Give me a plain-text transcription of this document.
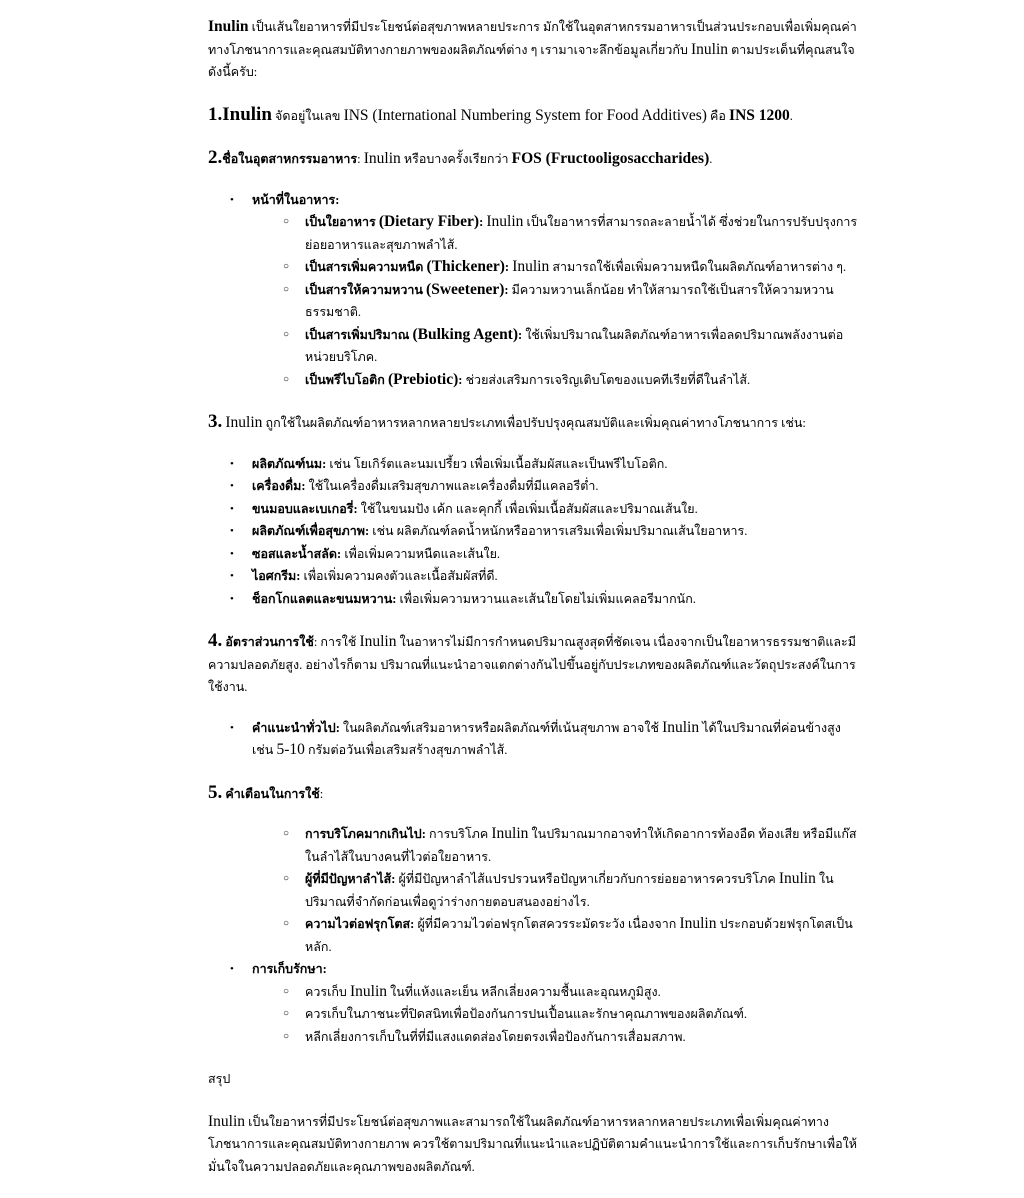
Inulin เป็นเส้นใยอาหารที่มีประโยชน์ต่อสุขภาพหลายประการ มักใช้ในอุตสาหกรรมอาหารเป็นส่วนประกอบเพื่อเพิ่มคุณค่าทางโภชนาการและคุณสมบัติทางกายภาพของผลิตภัณฑ์ต่าง ๆ เรามาเจาะลึกข้อมูลเกี่ยวกับ Inulin ตามประเด็นที่คุณสนใจดังนี้ครับ:
1.Inulin จัดอยู่ในเลข INS (International Numbering System for Food Additives) คือ INS 1200.
2.ชื่อในอุตสาหกรรมอาหาร: Inulin หรือบางครั้งเรียกว่า FOS (Fructooligosaccharides).
•	หน้าที่ในอาหาร:
○	เป็นใยอาหาร (Dietary Fiber): Inulin เป็นใยอาหารที่สามารถละลายน้ำได้ ซึ่งช่วยในการปรับปรุงการย่อยอาหารและสุขภาพลำไส้.
○	เป็นสารเพิ่มความหนืด (Thickener): Inulin สามารถใช้เพื่อเพิ่มความหนืดในผลิตภัณฑ์อาหารต่าง ๆ.
○	เป็นสารให้ความหวาน (Sweetener): มีความหวานเล็กน้อย ทำให้สามารถใช้เป็นสารให้ความหวานธรรมชาติ.
○	เป็นสารเพิ่มปริมาณ (Bulking Agent): ใช้เพิ่มปริมาณในผลิตภัณฑ์อาหารเพื่อลดปริมาณพลังงานต่อหน่วยบริโภค.
○	เป็นพรีไบโอติก (Prebiotic): ช่วยส่งเสริมการเจริญเติบโตของแบคทีเรียที่ดีในลำไส้.
3. Inulin ถูกใช้ในผลิตภัณฑ์อาหารหลากหลายประเภทเพื่อปรับปรุงคุณสมบัติและเพิ่มคุณค่าทางโภชนาการ เช่น:
•	ผลิตภัณฑ์นม: เช่น โยเกิร์ตและนมเปรี้ยว เพื่อเพิ่มเนื้อสัมผัสและเป็นพรีไบโอติก.
•	เครื่องดื่ม: ใช้ในเครื่องดื่มเสริมสุขภาพและเครื่องดื่มที่มีแคลอรีต่ำ.
•	ขนมอบและเบเกอรี่: ใช้ในขนมปัง เค้ก และคุกกี้ เพื่อเพิ่มเนื้อสัมผัสและปริมาณเส้นใย.
•	ผลิตภัณฑ์เพื่อสุขภาพ: เช่น ผลิตภัณฑ์ลดน้ำหนักหรืออาหารเสริมเพื่อเพิ่มปริมาณเส้นใยอาหาร.
•	ซอสและน้ำสลัด: เพื่อเพิ่มความหนืดและเส้นใย.
•	ไอศกรีม: เพื่อเพิ่มความคงตัวและเนื้อสัมผัสที่ดี.
•	ช็อกโกแลตและขนมหวาน: เพื่อเพิ่มความหวานและเส้นใยโดยไม่เพิ่มแคลอรีมากนัก.
4. อัตราส่วนการใช้: การใช้ Inulin ในอาหารไม่มีการกำหนดปริมาณสูงสุดที่ชัดเจน เนื่องจากเป็นใยอาหารธรรมชาติและมีความปลอดภัยสูง. อย่างไรก็ตาม ปริมาณที่แนะนำอาจแตกต่างกันไปขึ้นอยู่กับประเภทของผลิตภัณฑ์และวัตถุประสงค์ในการใช้งาน.
•	คำแนะนำทั่วไป: ในผลิตภัณฑ์เสริมอาหารหรือผลิตภัณฑ์ที่เน้นสุขภาพ อาจใช้ Inulin ได้ในปริมาณที่ค่อนข้างสูง เช่น 5-10 กรัมต่อวันเพื่อเสริมสร้างสุขภาพลำไส้.
5. คำเตือนในการใช้:
○	การบริโภคมากเกินไป: การบริโภค Inulin ในปริมาณมากอาจทำให้เกิดอาการท้องอืด ท้องเสีย หรือมีแก๊สในลำไส้ในบางคนที่ไวต่อใยอาหาร.
○	ผู้ที่มีปัญหาลำไส้: ผู้ที่มีปัญหาลำไส้แปรปรวนหรือปัญหาเกี่ยวกับการย่อยอาหารควรบริโภค Inulin ในปริมาณที่จำกัดก่อนเพื่อดูว่าร่างกายตอบสนองอย่างไร.
○	ความไวต่อฟรุกโตส: ผู้ที่มีความไวต่อฟรุกโตสควรระมัดระวัง เนื่องจาก Inulin ประกอบด้วยฟรุกโตสเป็นหลัก.
•	การเก็บรักษา:
○	ควรเก็บ Inulin ในที่แห้งและเย็น หลีกเลี่ยงความชื้นและอุณหภูมิสูง.
○	ควรเก็บในภาชนะที่ปิดสนิทเพื่อป้องกันการปนเปื้อนและรักษาคุณภาพของผลิตภัณฑ์.
○	หลีกเลี่ยงการเก็บในที่ที่มีแสงแดดส่องโดยตรงเพื่อป้องกันการเสื่อมสภาพ.
สรุป
Inulin เป็นใยอาหารที่มีประโยชน์ต่อสุขภาพและสามารถใช้ในผลิตภัณฑ์อาหารหลากหลายประเภทเพื่อเพิ่มคุณค่าทางโภชนาการและคุณสมบัติทางกายภาพ ควรใช้ตามปริมาณที่แนะนำและปฏิบัติตามคำแนะนำการใช้และการเก็บรักษาเพื่อให้มั่นใจในความปลอดภัยและคุณภาพของผลิตภัณฑ์.
